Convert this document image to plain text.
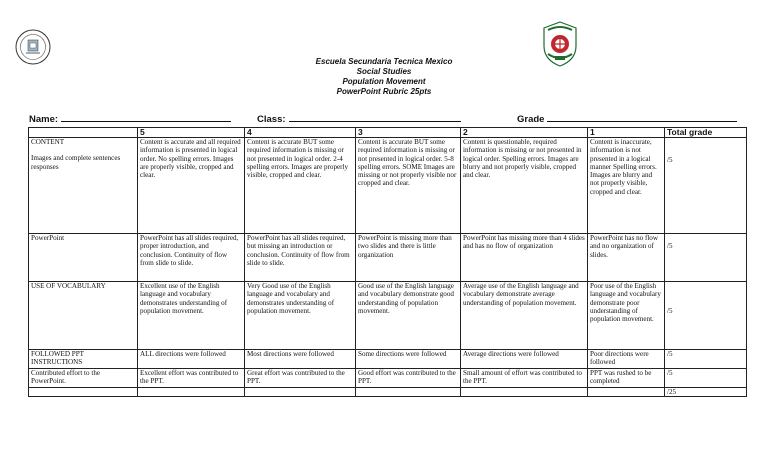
Escuela Secundaria Tecnica Mexico
Social Studies
Population Movement
PowerPoint Rubric 25pts
Name:	Class:	Grade
	5	4	3	2	1	Total grade

CONTENT
Images and complete sentences responses	Content is accurate and all required information is presented in logical order. No spelling errors. Images are properly visible, cropped and clear.	Content is accurate BUT some required information is missing or not presented in logical order. 2-4 spelling errors. Images are properly visible, cropped and clear.	Content is accurate BUT some required information is missing or not presented in logical order. 5-8 spelling errors. SOME Images are missing or not properly visible nor cropped and clear.	Content is questionable, required information is missing or not presented in logical order. Spelling errors. Images are blurry and not properly visible, cropped and clear.	Content is inaccurate, information is not presented in a logical manner Spelling errors. Images are blurry and not properly visible, cropped and clear.	/5

PowerPoint	PowerPoint has all slides required, proper introduction, and conclusion. Continuity of flow from slide to slide.	PowerPoint has all slides required, but missing an introduction or conclusion. Continuity of flow from slide to slide.	PowerPoint is missing more than two slides and there is little organization	PowerPoint has missing more than 4 slides and has no flow of organization	PowerPoint has no flow and no organization of slides.	/5

USE OF VOCABULARY	Excellent use of the English language and vocabulary demonstrates understanding of population movement.	Very Good use of the English language and vocabulary and demonstrates understanding of population movement.	Good use of the English language and vocabulary demonstrate good understanding of population movement.	Average use of the English language and vocabulary demonstrate average understanding of population movement.	Poor use of the English language and vocabulary demonstrate poor understanding of population movement.	/5

FOLLOWED PPT INSTRUCTIONS	ALL directions were followed	Most directions were followed	Some directions were followed	Average directions were followed	Poor directions were followed	/5

Contributed effort to the PowerPoint.	Excellent effort was contributed to the PPT.	Great effort was contributed to the PPT.	Good effort was contributed to the PPT.	Small amount of effort was contributed to the PPT.	PPT was rushed to be completed	/5

						/25
